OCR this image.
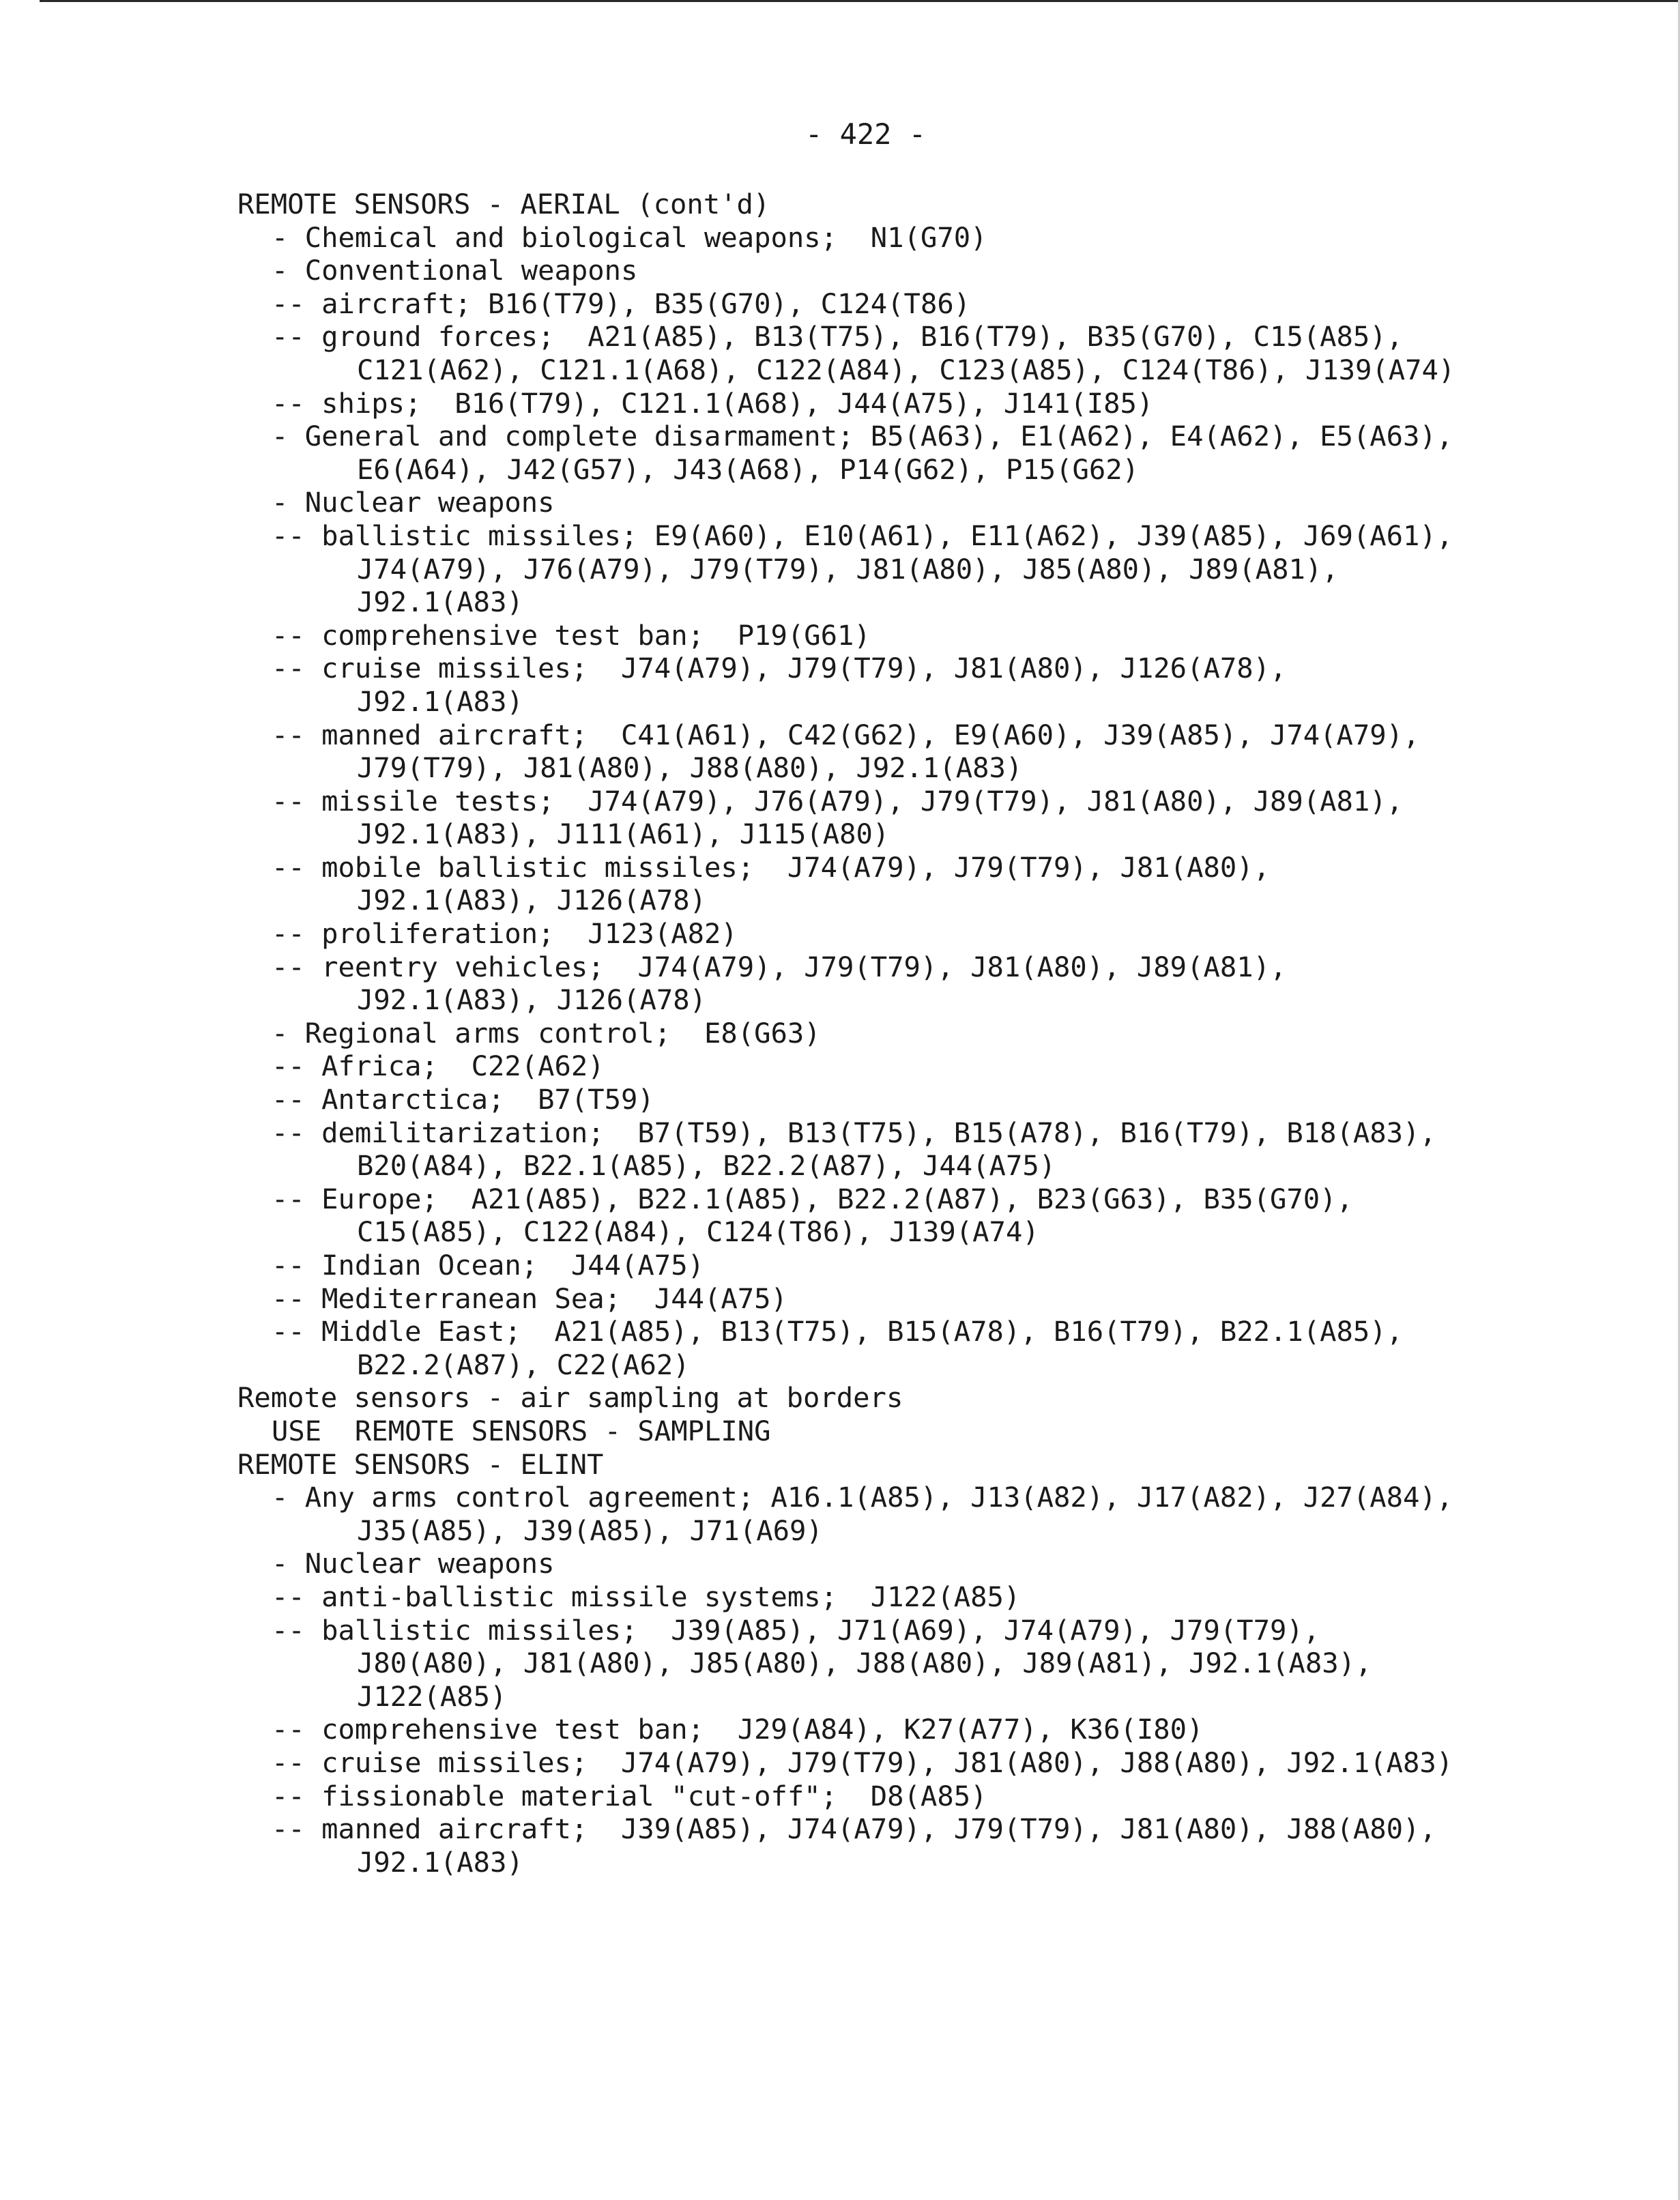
- 422 -
REMOTE SENSORS - AERIAL (cont'd)
- Chemical and biological weapons;  N1(G70)
- Conventional weapons
-- aircraft; B16(T79), B35(G70), C124(T86)
-- ground forces;  A21(A85), B13(T75), B16(T79), B35(G70), C15(A85),
C121(A62), C121.1(A68), C122(A84), C123(A85), C124(T86), J139(A74)
-- ships;  B16(T79), C121.1(A68), J44(A75), J141(I85)
- General and complete disarmament; B5(A63), E1(A62), E4(A62), E5(A63),
E6(A64), J42(G57), J43(A68), P14(G62), P15(G62)
- Nuclear weapons
-- ballistic missiles; E9(A60), E10(A61), E11(A62), J39(A85), J69(A61),
J74(A79), J76(A79), J79(T79), J81(A80), J85(A80), J89(A81),
J92.1(A83)
-- comprehensive test ban;  P19(G61)
-- cruise missiles;  J74(A79), J79(T79), J81(A80), J126(A78),
J92.1(A83)
-- manned aircraft;  C41(A61), C42(G62), E9(A60), J39(A85), J74(A79),
J79(T79), J81(A80), J88(A80), J92.1(A83)
-- missile tests;  J74(A79), J76(A79), J79(T79), J81(A80), J89(A81),
J92.1(A83), J111(A61), J115(A80)
-- mobile ballistic missiles;  J74(A79), J79(T79), J81(A80),
J92.1(A83), J126(A78)
-- proliferation;  J123(A82)
-- reentry vehicles;  J74(A79), J79(T79), J81(A80), J89(A81),
J92.1(A83), J126(A78)
- Regional arms control;  E8(G63)
-- Africa;  C22(A62)
-- Antarctica;  B7(T59)
-- demilitarization;  B7(T59), B13(T75), B15(A78), B16(T79), B18(A83),
B20(A84), B22.1(A85), B22.2(A87), J44(A75)
-- Europe;  A21(A85), B22.1(A85), B22.2(A87), B23(G63), B35(G70),
C15(A85), C122(A84), C124(T86), J139(A74)
-- Indian Ocean;  J44(A75)
-- Mediterranean Sea;  J44(A75)
-- Middle East;  A21(A85), B13(T75), B15(A78), B16(T79), B22.1(A85),
B22.2(A87), C22(A62)
Remote sensors - air sampling at borders
USE  REMOTE SENSORS - SAMPLING
REMOTE SENSORS - ELINT
- Any arms control agreement; A16.1(A85), J13(A82), J17(A82), J27(A84),
J35(A85), J39(A85), J71(A69)
- Nuclear weapons
-- anti-ballistic missile systems;  J122(A85)
-- ballistic missiles;  J39(A85), J71(A69), J74(A79), J79(T79),
J80(A80), J81(A80), J85(A80), J88(A80), J89(A81), J92.1(A83),
J122(A85)
-- comprehensive test ban;  J29(A84), K27(A77), K36(I80)
-- cruise missiles;  J74(A79), J79(T79), J81(A80), J88(A80), J92.1(A83)
-- fissionable material "cut-off";  D8(A85)
-- manned aircraft;  J39(A85), J74(A79), J79(T79), J81(A80), J88(A80),
J92.1(A83)
